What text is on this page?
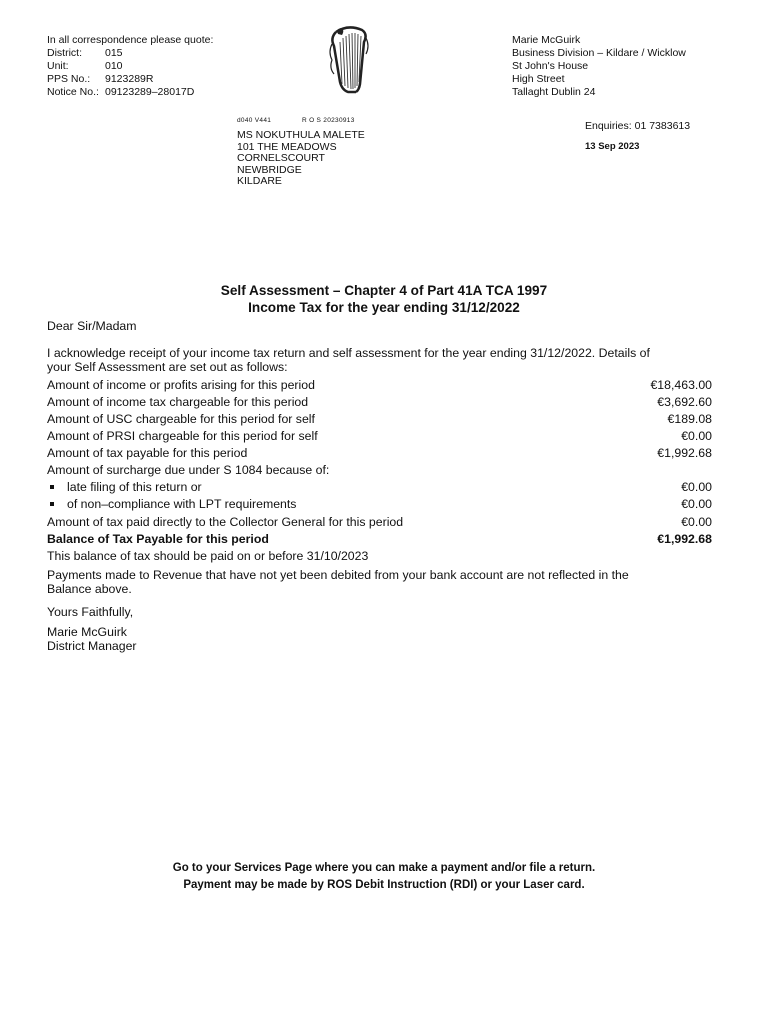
In all correspondence please quote:
District:	015
Unit:	010
PPS No.:	9123289R
Notice No.: 09123289–28017D
Marie McGuirk
Business Division – Kildare / Wicklow
St John's House
High Street
Tallaght Dublin 24
d040 V441	R O S 20230913
MS NOKUTHULA MALETE
101 THE MEADOWS
CORNELSCOURT
NEWBRIDGE
KILDARE
Enquiries: 01 7383613
13 Sep 2023
Self Assessment – Chapter 4 of Part 41A TCA 1997
Income Tax for the year ending 31/12/2022
Dear Sir/Madam
I acknowledge receipt of your income tax return and self assessment for the year ending 31/12/2022. Details of
your Self Assessment are set out as follows:
Amount of income or profits arising for this period	€18,463.00
Amount of income tax chargeable for this period	€3,692.60
Amount of USC chargeable for this period for self	€189.08
Amount of PRSI chargeable for this period for self	€0.00
Amount of tax payable for this period	€1,992.68
Amount of surcharge due under S 1084 because of:
late filing of this return or	€0.00
of non–compliance with LPT requirements	€0.00
Amount of tax paid directly to the Collector General for this period	€0.00
Balance of Tax Payable for this period	€1,992.68
This balance of tax should be paid on or before 31/10/2023
Payments made to Revenue that have not yet been debited from your bank account are not reflected in the
Balance above.
Yours Faithfully,
Marie McGuirk
District Manager
Go to your Services Page where you can make a payment and/or file a return.
Payment may be made by ROS Debit Instruction (RDI) or your Laser card.
